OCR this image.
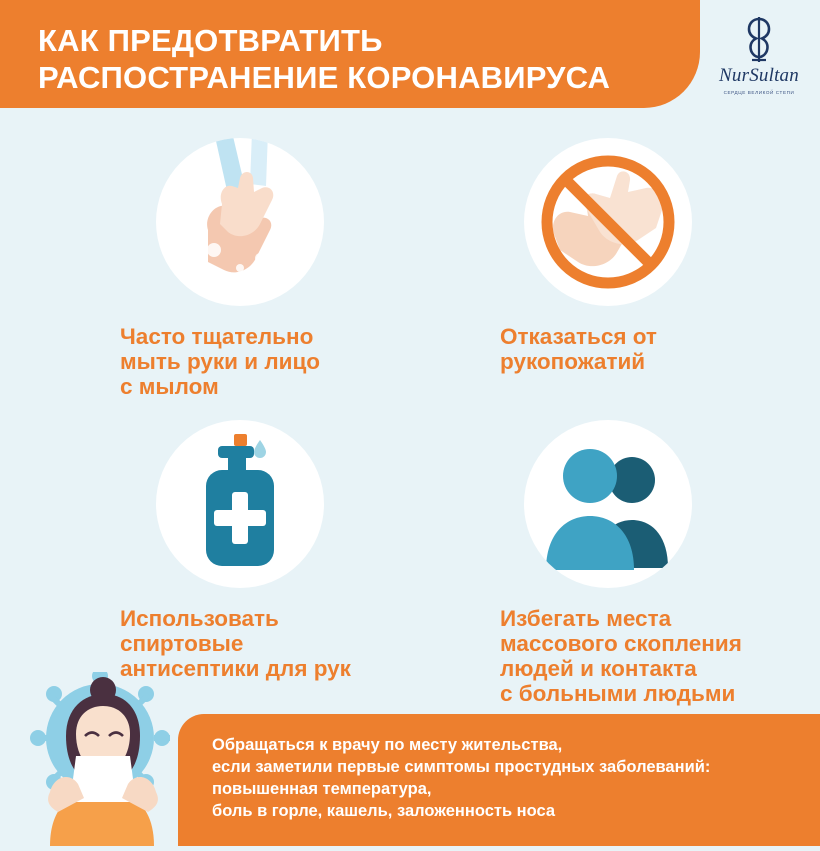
КАК ПРЕДОТВРАТИТЬ
РАСПОСТРАНЕНИЕ КОРОНАВИРУСА	NurSultan
СЕРДЦЕ ВЕЛИКОЙ СТЕПИ
Часто тщательно
мыть руки и лицо
с мылом
Отказаться от
рукопожатий
Использовать
спиртовые
антисептики для рук
Избегать места
массового скопления
людей и контакта
с больными людьми
Обращаться к врачу по месту жительства,
если заметили первые симптомы простудных заболеваний:
повышенная температура,
боль в горле, кашель, заложенность носа
